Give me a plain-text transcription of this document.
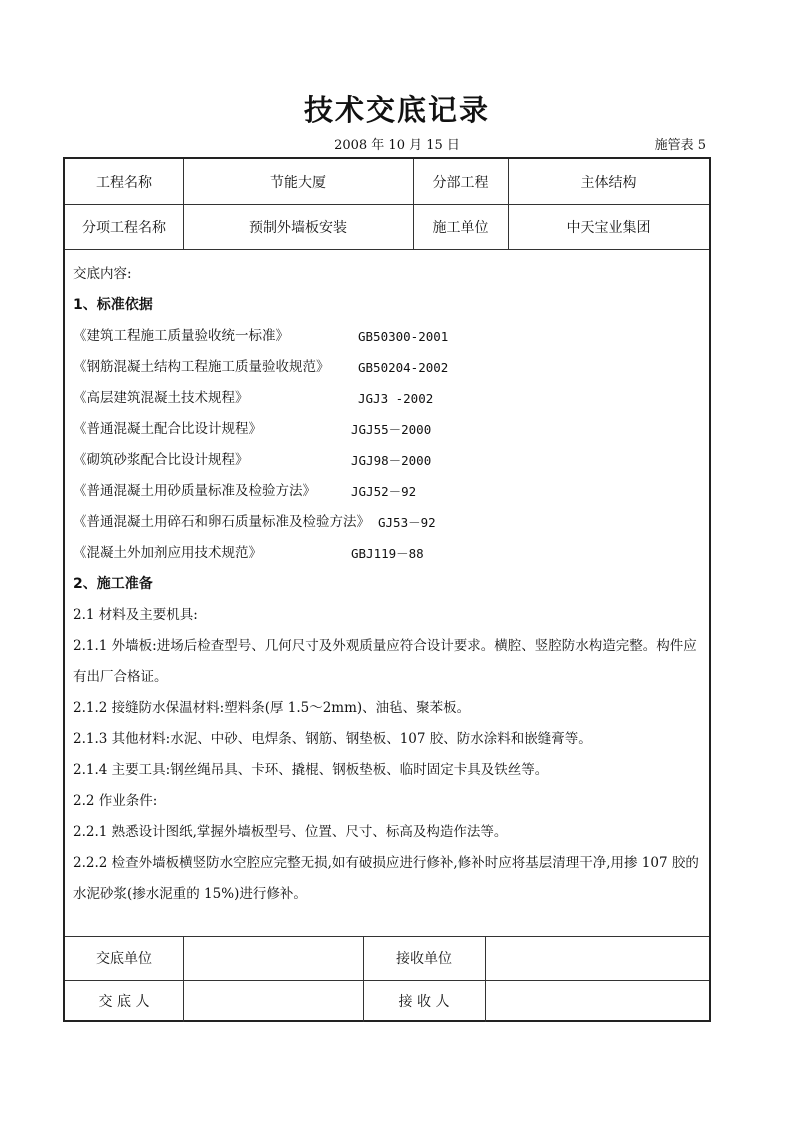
技术交底记录
2008 年 10 月 15 日	施管表 5
工程名称	节能大厦	分部工程	主体结构
分项工程名称	预制外墙板安装	施工单位	中天宝业集团
交底内容:
1、标准依据
《建筑工程施工质量验收统一标准》	GB50300-2001
《钢筋混凝土结构工程施工质量验收规范》 GB50204-2002
《高层建筑混凝土技术规程》	JGJ3 -2002
《普通混凝土配合比设计规程》	JGJ55－2000
《砌筑砂浆配合比设计规程》	JGJ98－2000
《普通混凝土用砂质量标准及检验方法》	JGJ52－92
《普通混凝土用碎石和卵石质量标准及检验方法》 GJ53－92
《混凝土外加剂应用技术规范》	GBJ119－88
2、施工准备
2.1 材料及主要机具:
2.1.1 外墙板:进场后检查型号、几何尺寸及外观质量应符合设计要求。横腔、竖腔防水构造完整。构件应有出厂合格证。
2.1.2 接缝防水保温材料:塑料条(厚 1.5～2mm)、油毡、聚苯板。
2.1.3 其他材料:水泥、中砂、电焊条、钢筋、钢垫板、107 胶、防水涂料和嵌缝膏等。
2.1.4 主要工具:钢丝绳吊具、卡环、撬棍、钢板垫板、临时固定卡具及铁丝等。
2.2 作业条件:
2.2.1 熟悉设计图纸,掌握外墙板型号、位置、尺寸、标高及构造作法等。
2.2.2 检查外墙板横竖防水空腔应完整无损,如有破损应进行修补,修补时应将基层清理干净,用掺 107 胶的水泥砂浆(掺水泥重的 15%)进行修补。
交底单位	接收单位
交 底 人	接 收 人
